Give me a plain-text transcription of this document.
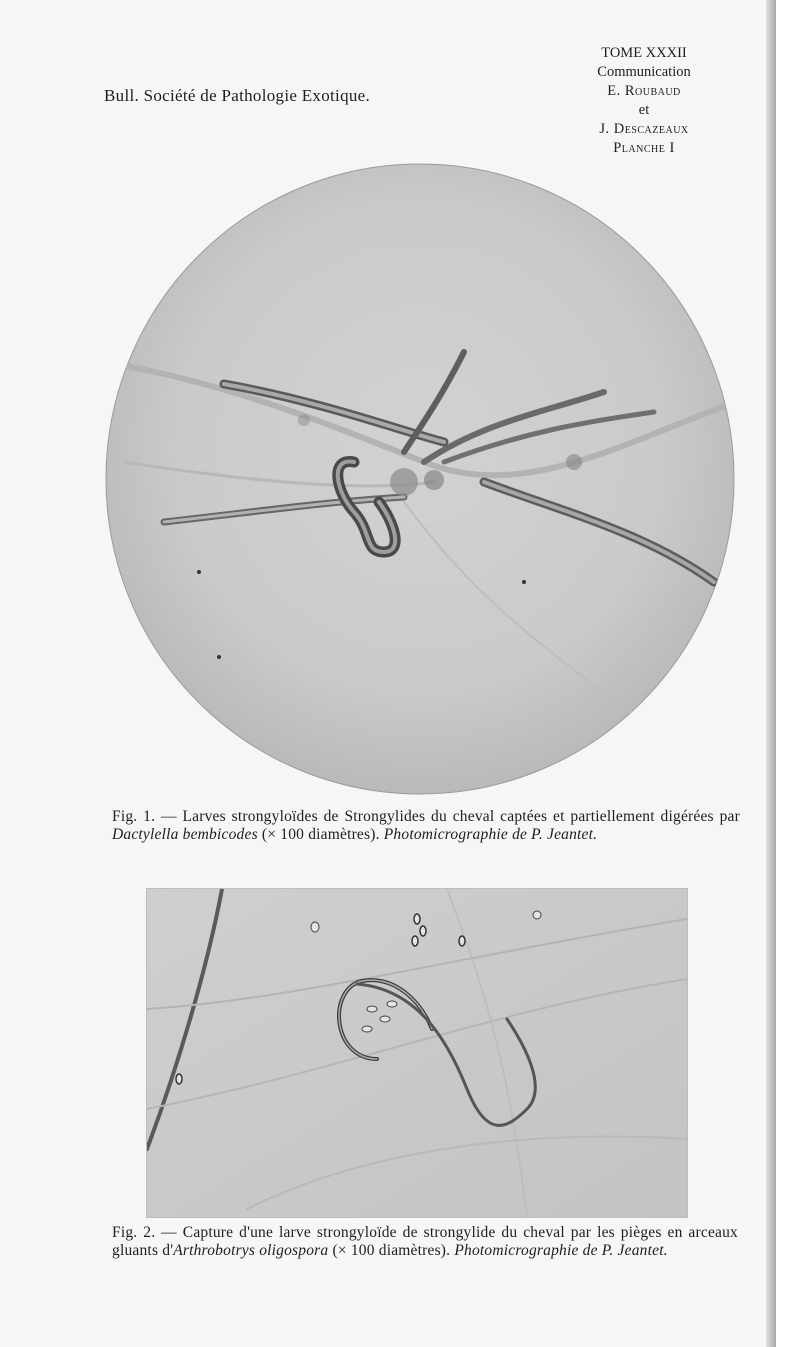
Bull. Société de Pathologie Exotique.
TOME XXXII
Communication
E. Roubaud
et
J. Descazeaux
Planche I
Fig. 1. — Larves strongyloïdes de Strongylides du cheval captées et partiellement digérées par Dactylella bembicodes (× 100 diamètres). Photomicrographie de P. Jeantet.
Fig. 2. — Capture d'une larve strongyloïde de strongylide du cheval par les pièges en arceaux gluants d'Arthrobotrys oligospora (× 100 diamètres). Photomicrographie de P. Jeantet.
